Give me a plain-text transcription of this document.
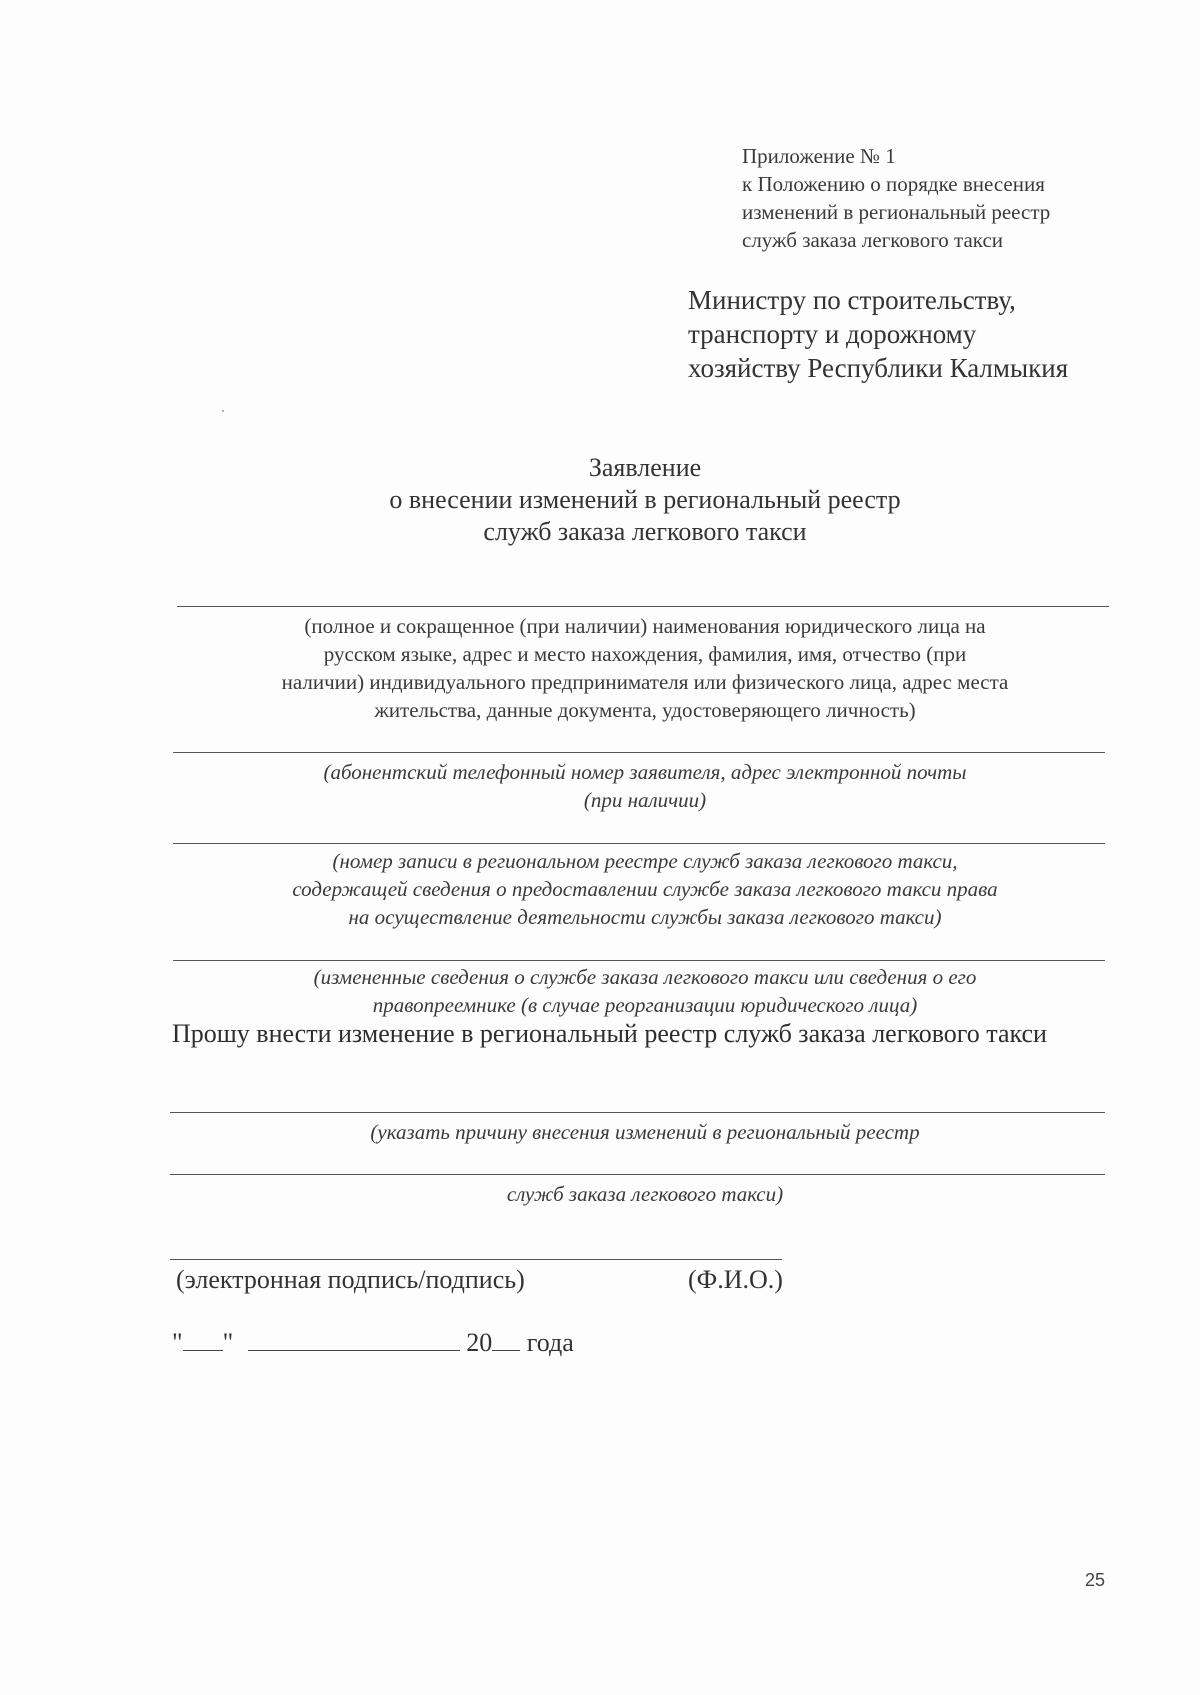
Приложение № 1
к Положению о порядке внесения
изменений в региональный реестр
служб заказа легкового такси
Министру по строительству,
транспорту и дорожному
хозяйству Республики Калмыкия
Заявление
о внесении изменений в региональный реестр
служб заказа легкового такси
(полное и сокращенное (при наличии) наименования юридического лица на
русском языке, адрес и место нахождения, фамилия, имя, отчество (при
наличии) индивидуального предпринимателя или физического лица, адрес места
жительства, данные документа, удостоверяющего личность)
(абонентский телефонный номер заявителя, адрес электронной почты
(при наличии)
(номер записи в региональном реестре служб заказа легкового такси,
содержащей сведения о предоставлении службе заказа легкового такси права
на осуществление деятельности службы заказа легкового такси)
(измененные сведения о службе заказа легкового такси или сведения о его
правопреемнике (в случае реорганизации юридического лица)
Прошу внести изменение в региональный реестр служб заказа легкового такси
(указать причину внесения изменений в региональный реестр
служб заказа легкового такси)
(электронная подпись/подпись)	(Ф.И.О.)
" "	20 года
25
